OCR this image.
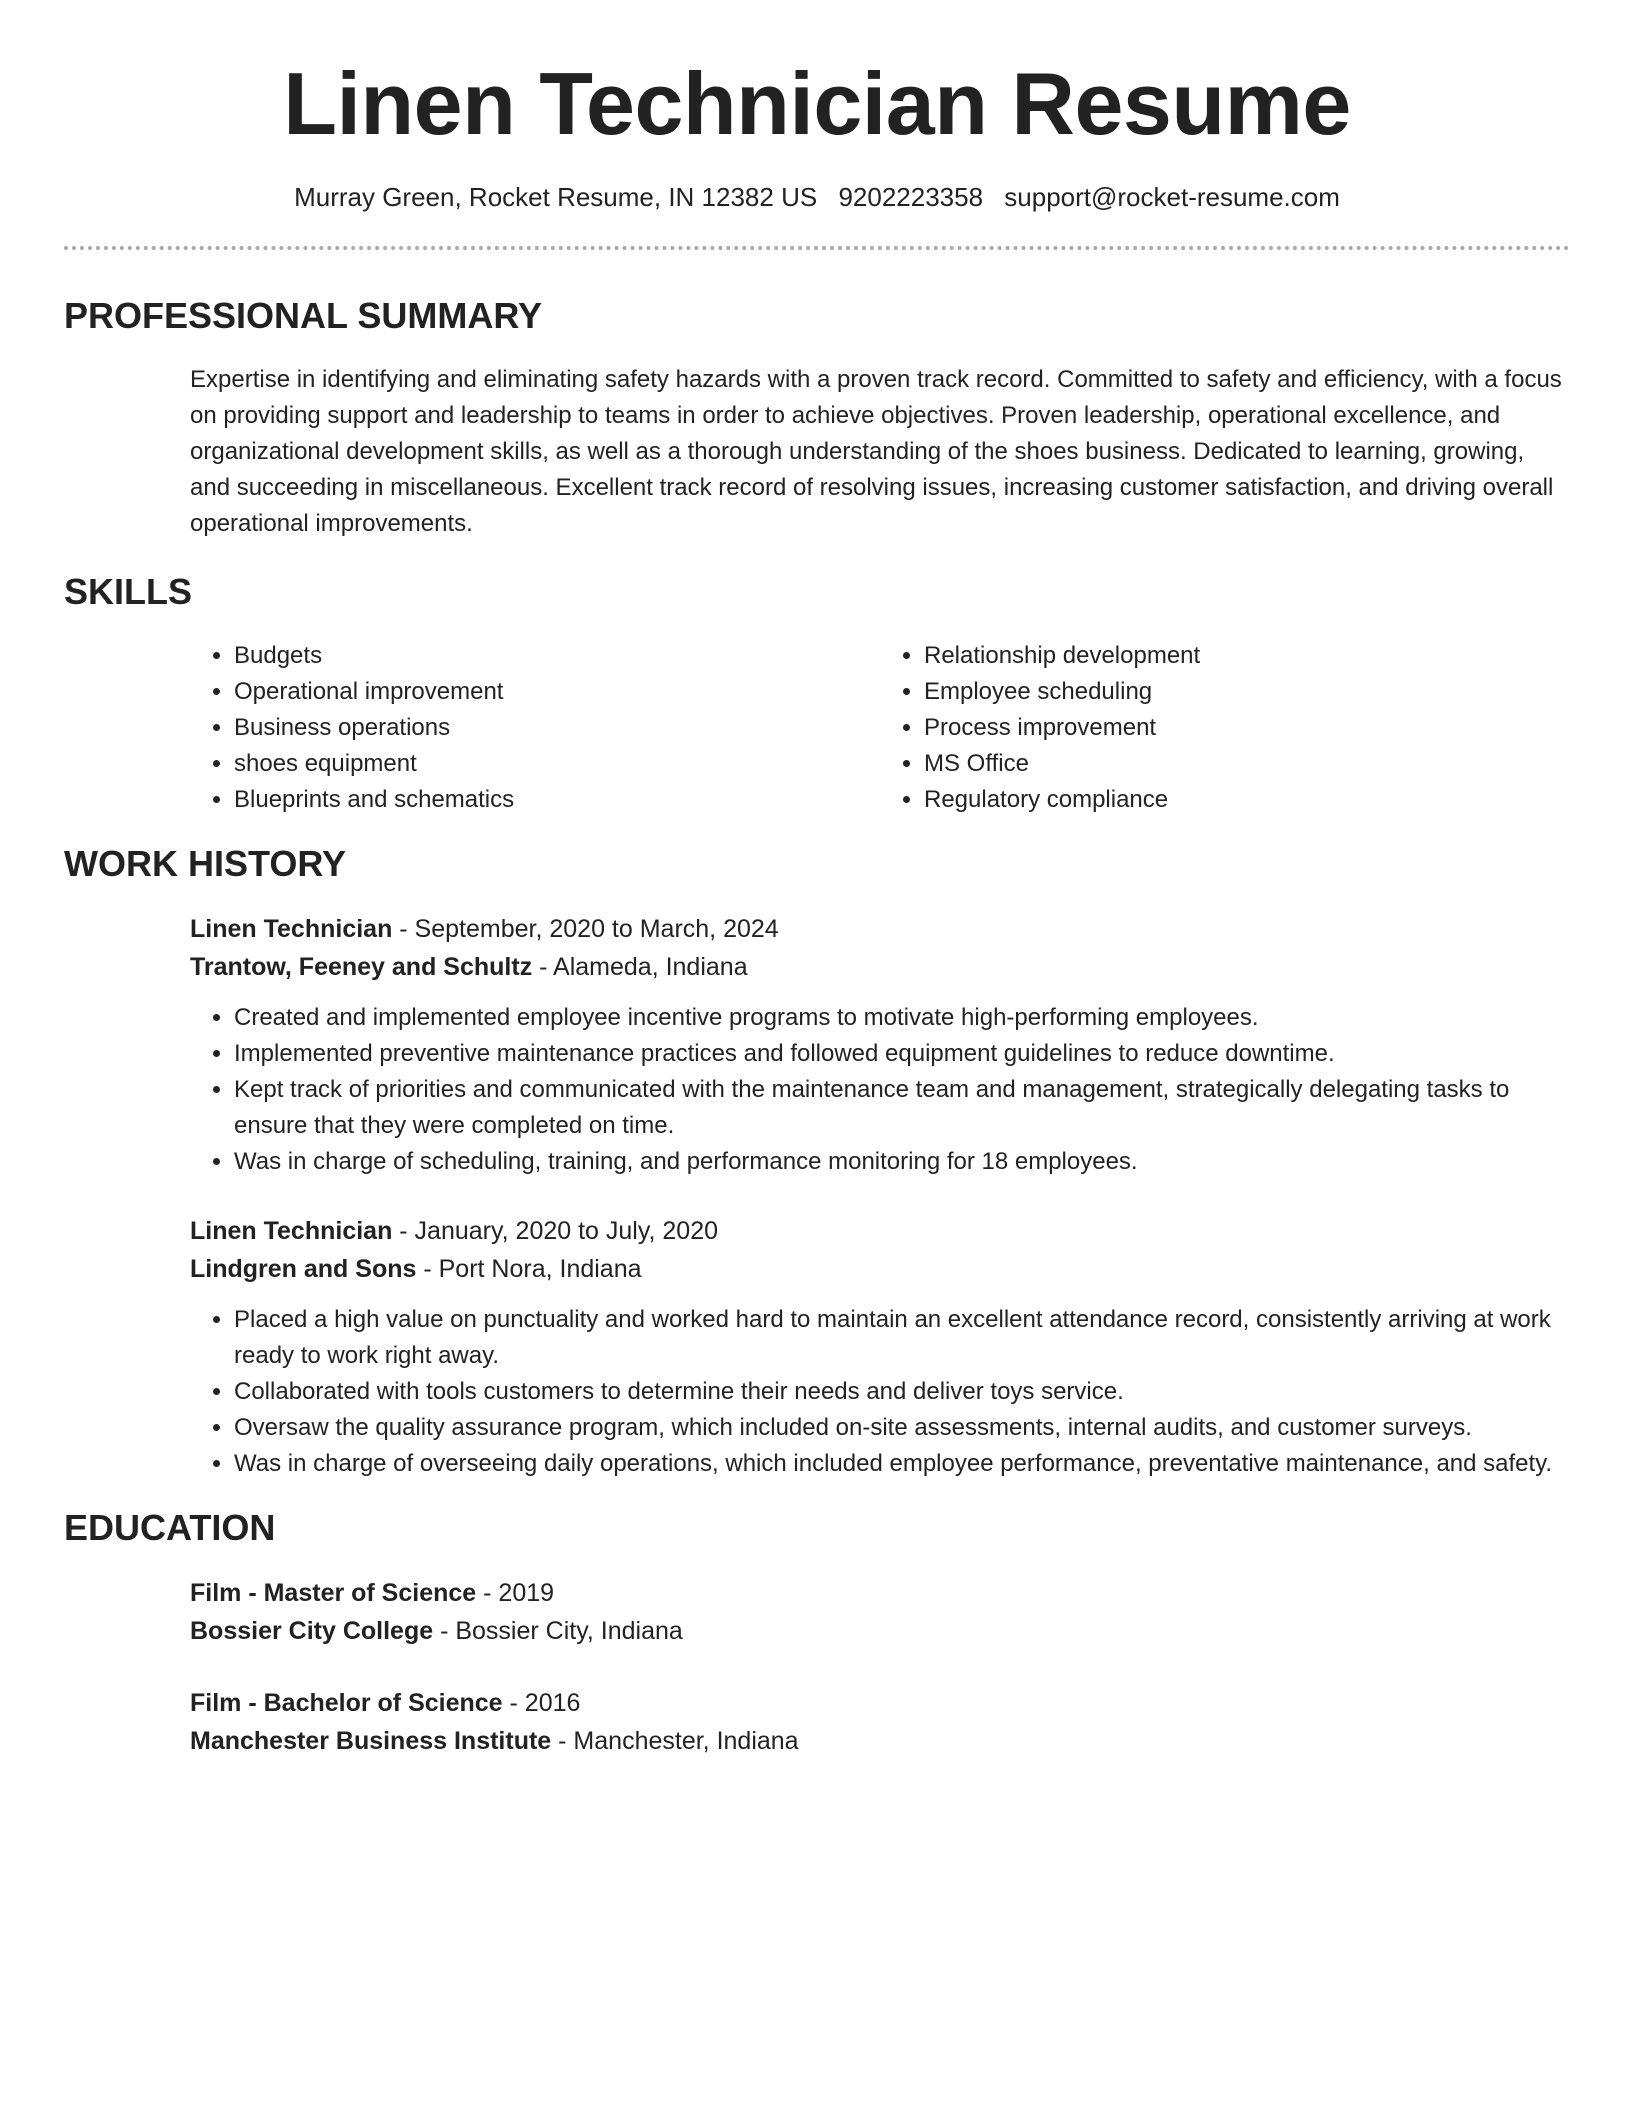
Linen Technician Resume
Murray Green, Rocket Resume, IN 12382 US 9202223358 support@rocket-resume.com
PROFESSIONAL SUMMARY

Expertise in identifying and eliminating safety hazards with a proven track record. Committed to safety and efficiency, with a focus on providing support and leadership to teams in order to achieve objectives. Proven leadership, operational excellence, and organizational development skills, as well as a thorough understanding of the shoes business. Dedicated to learning, growing, and succeeding in miscellaneous. Excellent track record of resolving issues, increasing customer satisfaction, and driving overall operational improvements.

SKILLS
• Budgets
• Operational improvement
• Business operations
• shoes equipment
• Blueprints and schematics
• Relationship development
• Employee scheduling
• Process improvement
• MS Office
• Regulatory compliance
WORK HISTORY
Linen Technician - September, 2020 to March, 2024
Trantow, Feeney and Schultz - Alameda, Indiana
• Created and implemented employee incentive programs to motivate high-performing employees.
• Implemented preventive maintenance practices and followed equipment guidelines to reduce downtime.
• Kept track of priorities and communicated with the maintenance team and management, strategically delegating tasks to ensure that they were completed on time.
• Was in charge of scheduling, training, and performance monitoring for 18 employees.
Linen Technician - January, 2020 to July, 2020
Lindgren and Sons - Port Nora, Indiana
• Placed a high value on punctuality and worked hard to maintain an excellent attendance record, consistently arriving at work ready to work right away.
• Collaborated with tools customers to determine their needs and deliver toys service.
• Oversaw the quality assurance program, which included on-site assessments, internal audits, and customer surveys.
• Was in charge of overseeing daily operations, which included employee performance, preventative maintenance, and safety.
EDUCATION
Film - Master of Science - 2019
Bossier City College - Bossier City, Indiana
Film - Bachelor of Science - 2016
Manchester Business Institute - Manchester, Indiana
